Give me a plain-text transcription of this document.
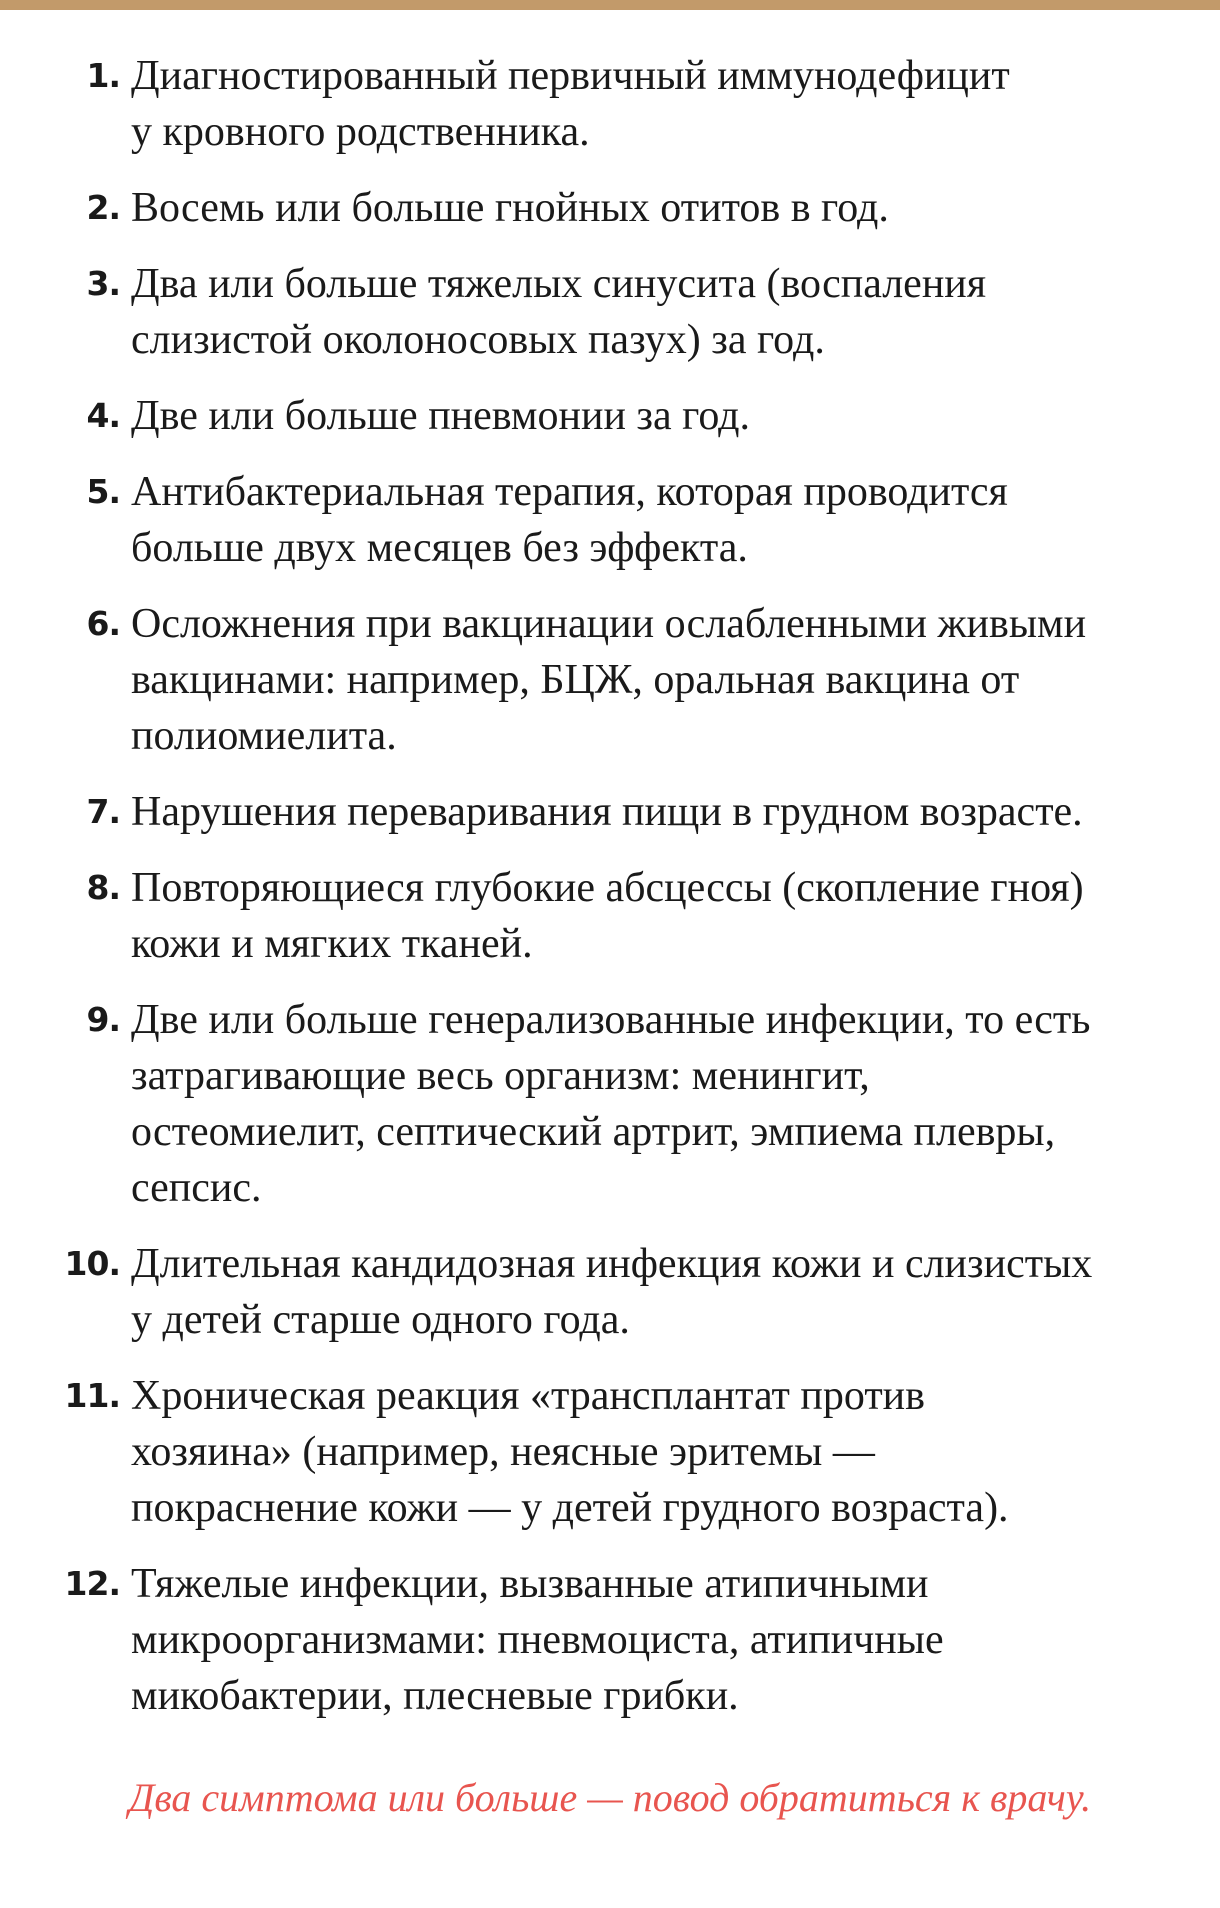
1. Диагностированный первичный иммунодефицит
у кровного родственника.
2. Восемь или больше гнойных отитов в год.
3. Два или больше тяжелых синусита (воспаления
слизистой околоносовых пазух) за год.
4. Две или больше пневмонии за год.
5. Антибактериальная терапия, которая проводится
больше двух месяцев без эффекта.
6. Осложнения при вакцинации ослабленными живыми
вакцинами: например, БЦЖ, оральная вакцина от
полиомиелита.
7. Нарушения переваривания пищи в грудном возрасте.
8. Повторяющиеся глубокие абсцессы (скопление гноя)
кожи и мягких тканей.
9. Две или больше генерализованные инфекции, то есть
затрагивающие весь организм: менингит,
остеомиелит, септический артрит, эмпиема плевры,
сепсис.
10. Длительная кандидозная инфекция кожи и слизистых
у детей старше одного года.
11. Хроническая реакция «трансплантат против
хозяина» (например, неясные эритемы —
покраснение кожи — у детей грудного возраста).
12. Тяжелые инфекции, вызванные атипичными
микроорганизмами: пневмоциста, атипичные
микобактерии, плесневые грибки.
Два симптома или больше — повод обратиться к врачу.
